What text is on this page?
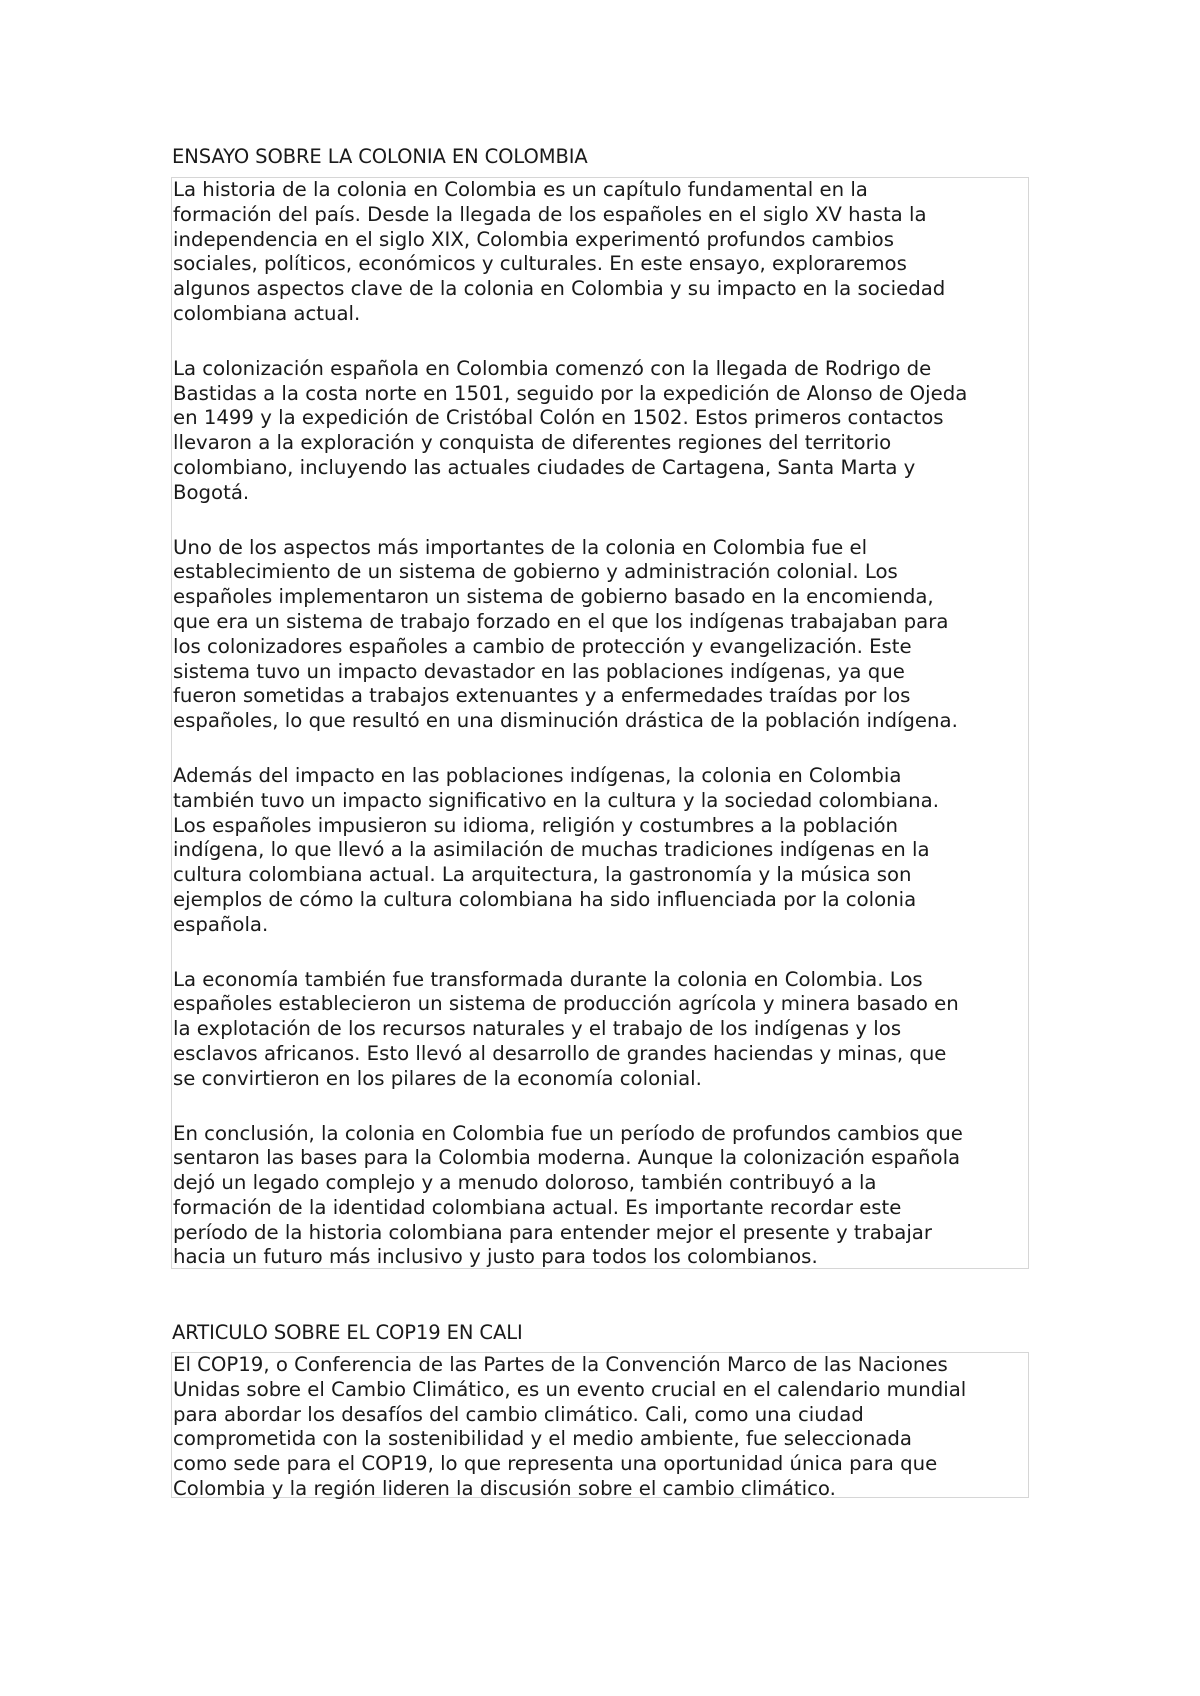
ENSAYO SOBRE LA COLONIA EN COLOMBIA
La historia de la colonia en Colombia es un capítulo fundamental en la
formación del país. Desde la llegada de los españoles en el siglo XV hasta la
independencia en el siglo XIX, Colombia experimentó profundos cambios
sociales, políticos, económicos y culturales. En este ensayo, exploraremos
algunos aspectos clave de la colonia en Colombia y su impacto en la sociedad
colombiana actual.
La colonización española en Colombia comenzó con la llegada de Rodrigo de
Bastidas a la costa norte en 1501, seguido por la expedición de Alonso de Ojeda
en 1499 y la expedición de Cristóbal Colón en 1502. Estos primeros contactos
llevaron a la exploración y conquista de diferentes regiones del territorio
colombiano, incluyendo las actuales ciudades de Cartagena, Santa Marta y
Bogotá.
Uno de los aspectos más importantes de la colonia en Colombia fue el
establecimiento de un sistema de gobierno y administración colonial. Los
españoles implementaron un sistema de gobierno basado en la encomienda,
que era un sistema de trabajo forzado en el que los indígenas trabajaban para
los colonizadores españoles a cambio de protección y evangelización. Este
sistema tuvo un impacto devastador en las poblaciones indígenas, ya que
fueron sometidas a trabajos extenuantes y a enfermedades traídas por los
españoles, lo que resultó en una disminución drástica de la población indígena.
Además del impacto en las poblaciones indígenas, la colonia en Colombia
también tuvo un impacto significativo en la cultura y la sociedad colombiana.
Los españoles impusieron su idioma, religión y costumbres a la población
indígena, lo que llevó a la asimilación de muchas tradiciones indígenas en la
cultura colombiana actual. La arquitectura, la gastronomía y la música son
ejemplos de cómo la cultura colombiana ha sido influenciada por la colonia
española.
La economía también fue transformada durante la colonia en Colombia. Los
españoles establecieron un sistema de producción agrícola y minera basado en
la explotación de los recursos naturales y el trabajo de los indígenas y los
esclavos africanos. Esto llevó al desarrollo de grandes haciendas y minas, que
se convirtieron en los pilares de la economía colonial.
En conclusión, la colonia en Colombia fue un período de profundos cambios que
sentaron las bases para la Colombia moderna. Aunque la colonización española
dejó un legado complejo y a menudo doloroso, también contribuyó a la
formación de la identidad colombiana actual. Es importante recordar este
período de la historia colombiana para entender mejor el presente y trabajar
hacia un futuro más inclusivo y justo para todos los colombianos.
ARTICULO SOBRE EL COP19 EN CALI
El COP19, o Conferencia de las Partes de la Convención Marco de las Naciones
Unidas sobre el Cambio Climático, es un evento crucial en el calendario mundial
para abordar los desafíos del cambio climático. Cali, como una ciudad
comprometida con la sostenibilidad y el medio ambiente, fue seleccionada
como sede para el COP19, lo que representa una oportunidad única para que
Colombia y la región lideren la discusión sobre el cambio climático.
